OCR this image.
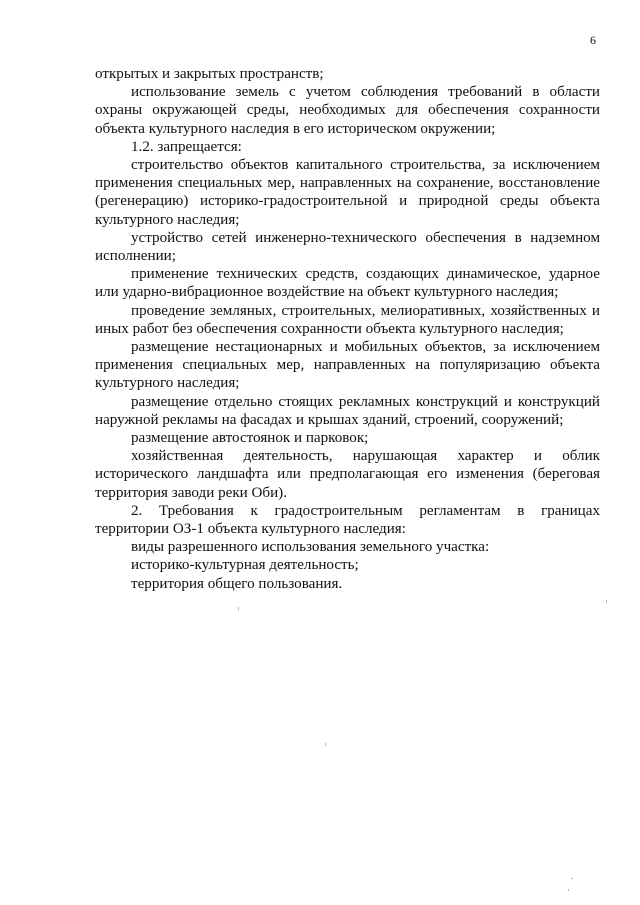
6

открытых и закрытых пространств;

использование земель с учетом соблюдения требований в области охраны окружающей среды, необходимых для обеспечения сохранности объекта культурного наследия в его историческом окружении;

1.2. запрещается:

строительство объектов капитального строительства, за исключением применения специальных мер, направленных на сохранение, восстановление (регенерацию) историко-градостроительной и природной среды объекта культурного наследия;

устройство сетей инженерно-технического обеспечения в надземном исполнении;

применение технических средств, создающих динамическое, ударное или ударно-вибрационное воздействие на объект культурного наследия;

проведение земляных, строительных, мелиоративных, хозяйственных и иных работ без обеспечения сохранности объекта культурного наследия;

размещение нестационарных и мобильных объектов, за исключением применения специальных мер, направленных на популяризацию объекта культурного наследия;

размещение отдельно стоящих рекламных конструкций и конструкций наружной рекламы на фасадах и крышах зданий, строений, сооружений;

размещение автостоянок и парковок;

хозяйственная деятельность, нарушающая характер и облик исторического ландшафта или предполагающая его изменения (береговая территория заводи реки Оби).

2. Требования к градостроительным регламентам в границах территории ОЗ-1 объекта культурного наследия:

виды разрешенного использования земельного участка:

историко-культурная деятельность;

территория общего пользования.
